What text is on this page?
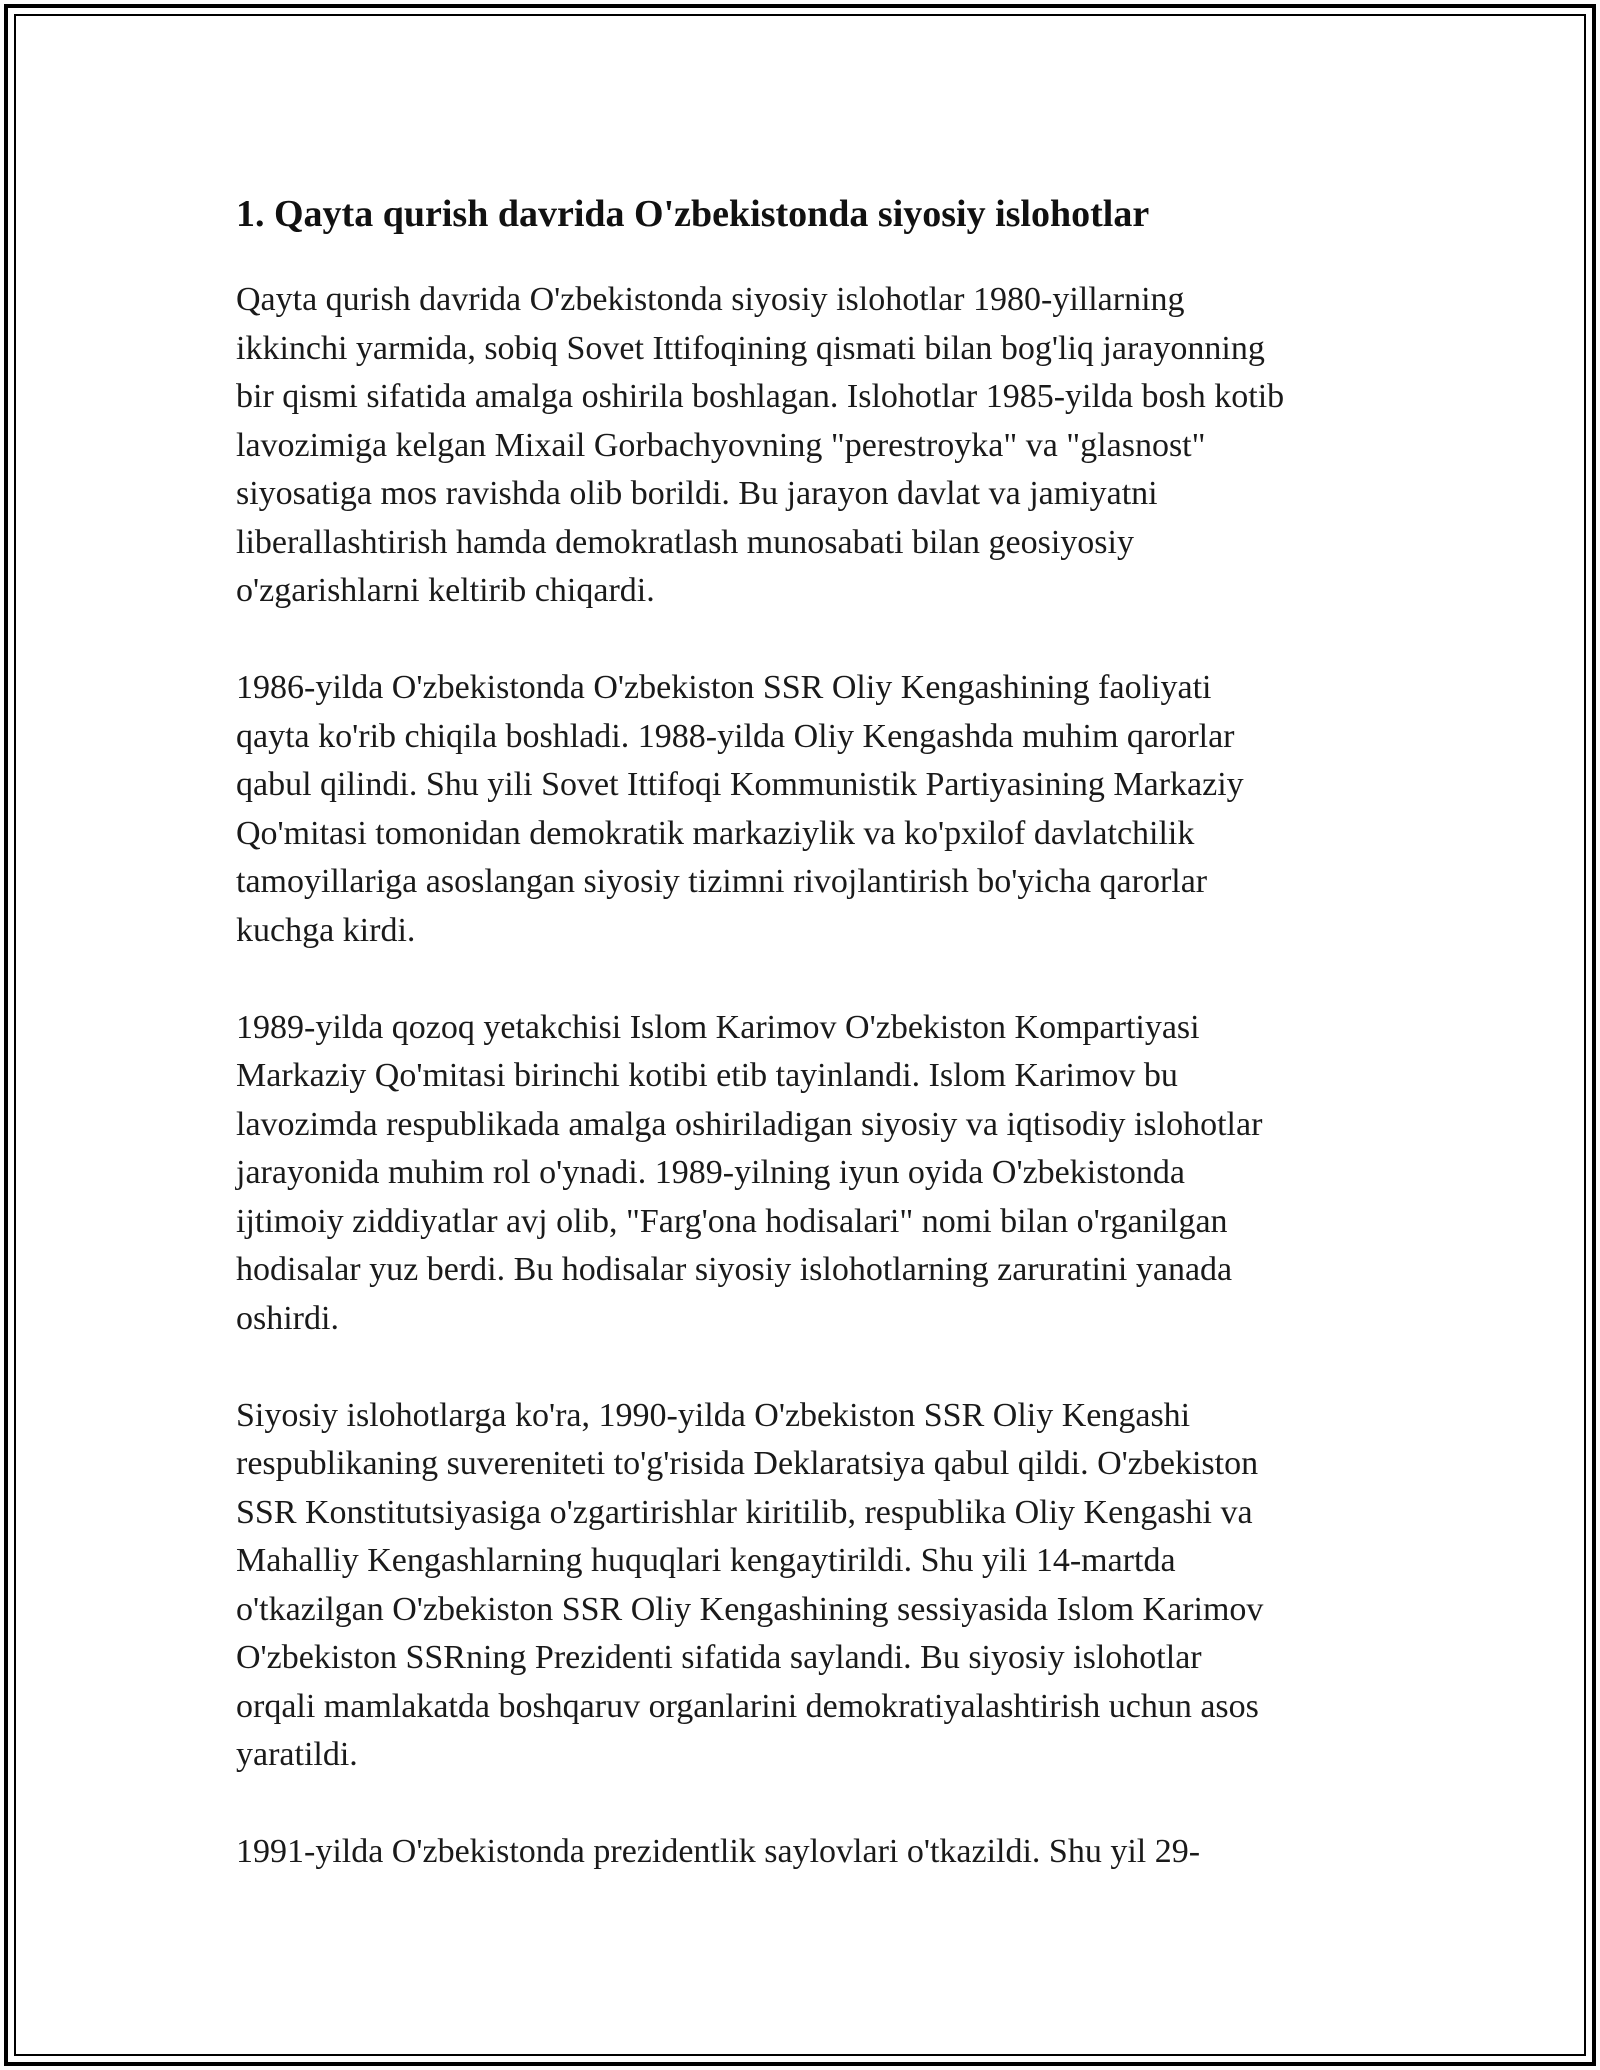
1. Qayta qurish davrida O'zbekistonda siyosiy islohotlar

Qayta qurish davrida O'zbekistonda siyosiy islohotlar 1980-yillarning
ikkinchi yarmida, sobiq Sovet Ittifoqining qismati bilan bog'liq jarayonning
bir qismi sifatida amalga oshirila boshlagan. Islohotlar 1985-yilda bosh kotib
lavozimiga kelgan Mixail Gorbachyovning "perestroyka" va "glasnost"
siyosatiga mos ravishda olib borildi. Bu jarayon davlat va jamiyatni
liberallashtirish hamda demokratlash munosabati bilan geosiyosiy
o'zgarishlarni keltirib chiqardi.

1986-yilda O'zbekistonda O'zbekiston SSR Oliy Kengashining faoliyati
qayta ko'rib chiqila boshladi. 1988-yilda Oliy Kengashda muhim qarorlar
qabul qilindi. Shu yili Sovet Ittifoqi Kommunistik Partiyasining Markaziy
Qo'mitasi tomonidan demokratik markaziylik va ko'pxilof davlatchilik
tamoyillariga asoslangan siyosiy tizimni rivojlantirish bo'yicha qarorlar
kuchga kirdi.

1989-yilda qozoq yetakchisi Islom Karimov O'zbekiston Kompartiyasi
Markaziy Qo'mitasi birinchi kotibi etib tayinlandi. Islom Karimov bu
lavozimda respublikada amalga oshiriladigan siyosiy va iqtisodiy islohotlar
jarayonida muhim rol o'ynadi. 1989-yilning iyun oyida O'zbekistonda
ijtimoiy ziddiyatlar avj olib, "Farg'ona hodisalari" nomi bilan o'rganilgan
hodisalar yuz berdi. Bu hodisalar siyosiy islohotlarning zaruratini yanada
oshirdi.

Siyosiy islohotlarga ko'ra, 1990-yilda O'zbekiston SSR Oliy Kengashi
respublikaning suvereniteti to'g'risida Deklaratsiya qabul qildi. O'zbekiston
SSR Konstitutsiyasiga o'zgartirishlar kiritilib, respublika Oliy Kengashi va
Mahalliy Kengashlarning huquqlari kengaytirildi. Shu yili 14-martda
o'tkazilgan O'zbekiston SSR Oliy Kengashining sessiyasida Islom Karimov
O'zbekiston SSRning Prezidenti sifatida saylandi. Bu siyosiy islohotlar
orqali mamlakatda boshqaruv organlarini demokratiyalashtirish uchun asos
yaratildi.

1991-yilda O'zbekistonda prezidentlik saylovlari o'tkazildi. Shu yil 29-
